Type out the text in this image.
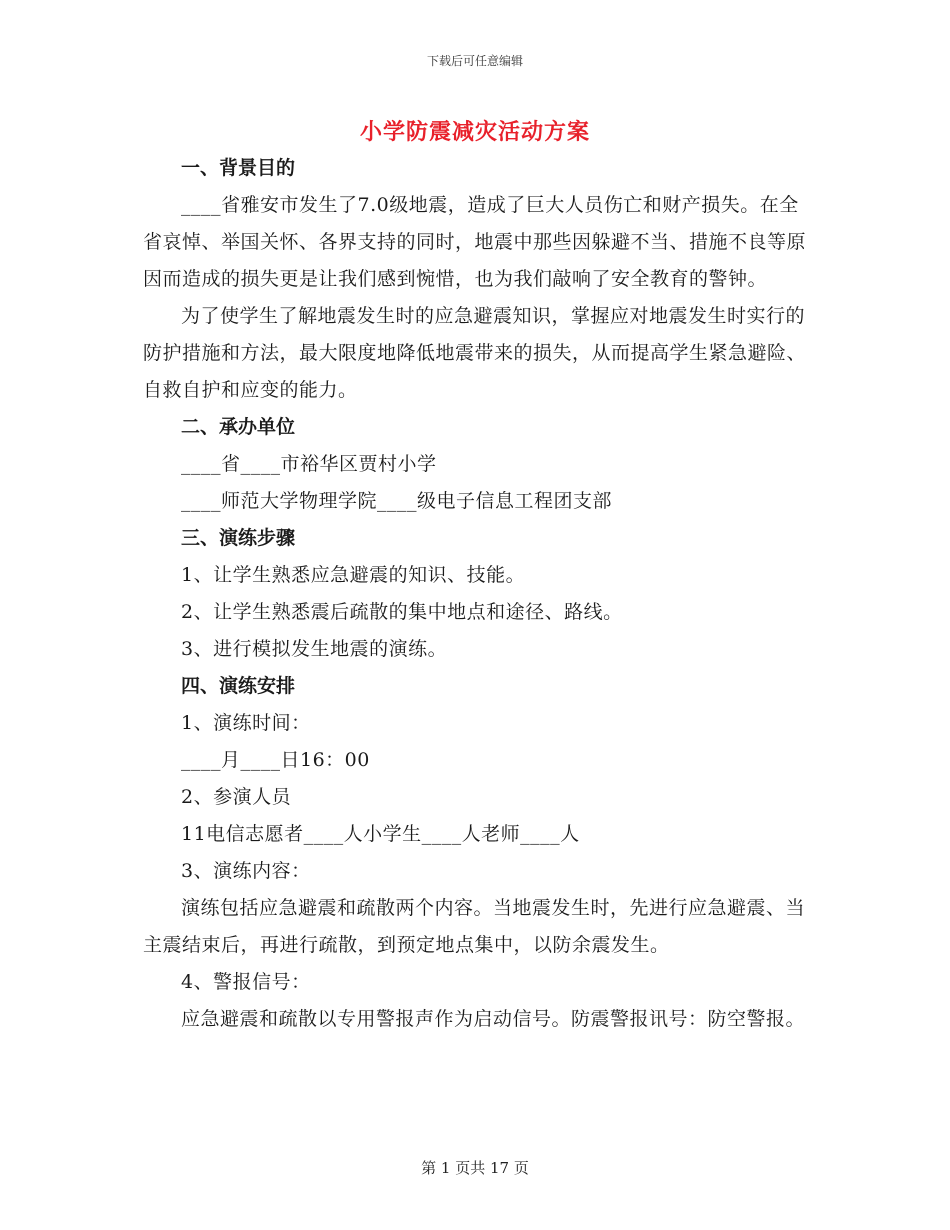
下载后可任意编辑
小学防震减灾活动方案

一、背景目的

____省雅安市发生了7.0级地震，造成了巨大人员伤亡和财产损失。在全省哀悼、举国关怀、各界支持的同时，地震中那些因躲避不当、措施不良等原因而造成的损失更是让我们感到惋惜，也为我们敲响了安全教育的警钟。

为了使学生了解地震发生时的应急避震知识，掌握应对地震发生时实行的防护措施和方法，最大限度地降低地震带来的损失，从而提高学生紧急避险、自救自护和应变的能力。

二、承办单位

____省____市裕华区贾村小学

____师范大学物理学院____级电子信息工程团支部

三、演练步骤

1、让学生熟悉应急避震的知识、技能。

2、让学生熟悉震后疏散的集中地点和途径、路线。

3、进行模拟发生地震的演练。

四、演练安排

1、演练时间：

____月____日16：00

2、参演人员

11电信志愿者____人小学生____人老师____人

3、演练内容：

演练包括应急避震和疏散两个内容。当地震发生时，先进行应急避震、当主震结束后，再进行疏散，到预定地点集中，以防余震发生。

4、警报信号：

应急避震和疏散以专用警报声作为启动信号。防震警报讯号：防空警报。

第 1 页共 17 页
